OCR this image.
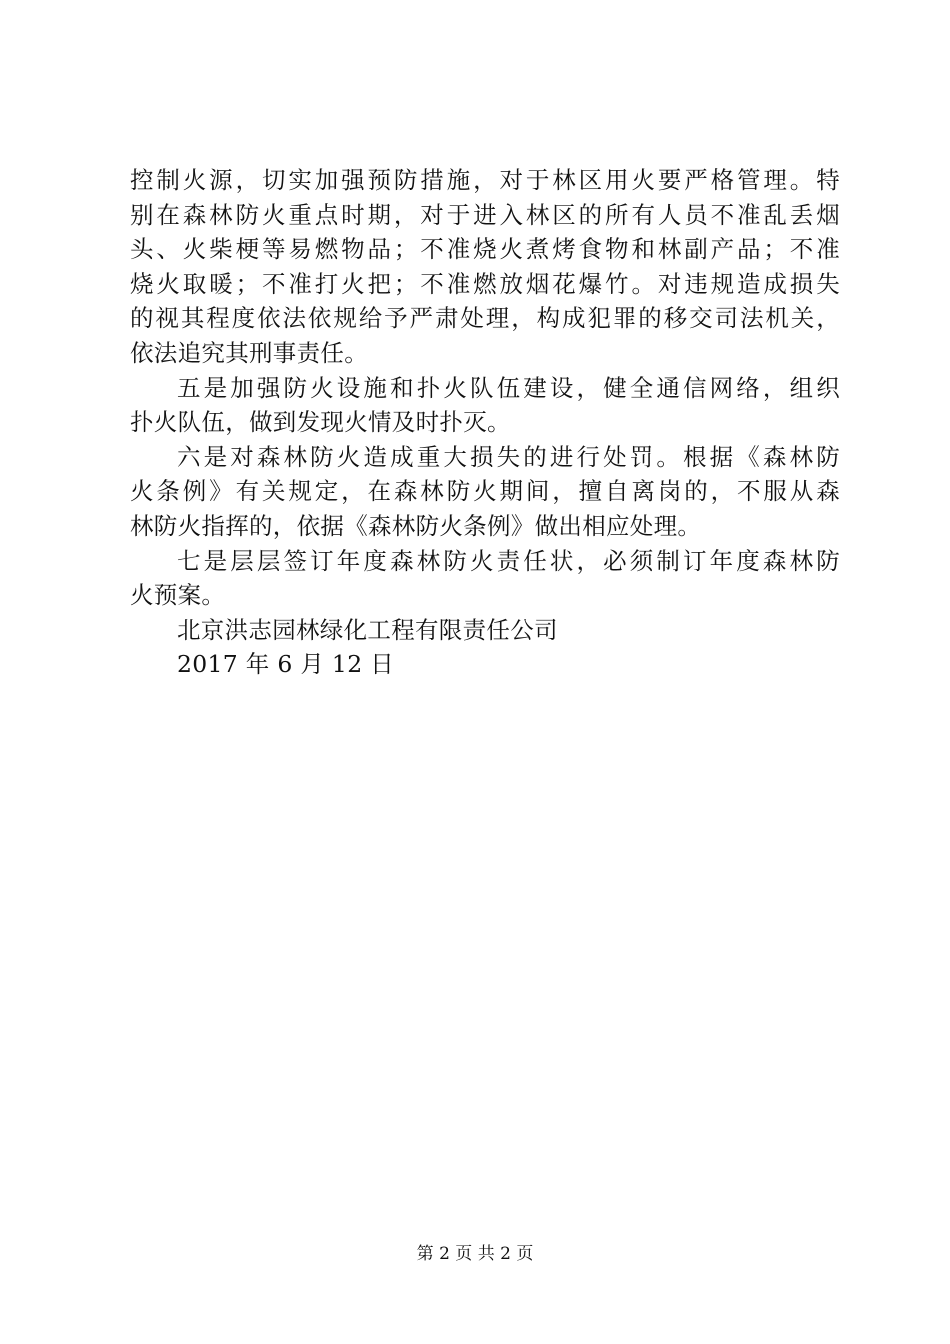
控制火源，切实加强预防措施，对于林区用火要严格管理。特
别在森林防火重点时期，对于进入林区的所有人员不准乱丢烟
头、火柴梗等易燃物品；不准烧火煮烤食物和林副产品；不准
烧火取暖；不准打火把；不准燃放烟花爆竹。对违规造成损失
的视其程度依法依规给予严肃处理，构成犯罪的移交司法机关，
依法追究其刑事责任。
五是加强防火设施和扑火队伍建设，健全通信网络，组织
扑火队伍，做到发现火情及时扑灭。
六是对森林防火造成重大损失的进行处罚。根据《森林防
火条例》有关规定，在森林防火期间，擅自离岗的，不服从森
林防火指挥的，依据《森林防火条例》做出相应处理。
七是层层签订年度森林防火责任状，必须制订年度森林防
火预案。
北京洪志园林绿化工程有限责任公司
2017 年 6 月 12 日
第 2 页 共 2 页
